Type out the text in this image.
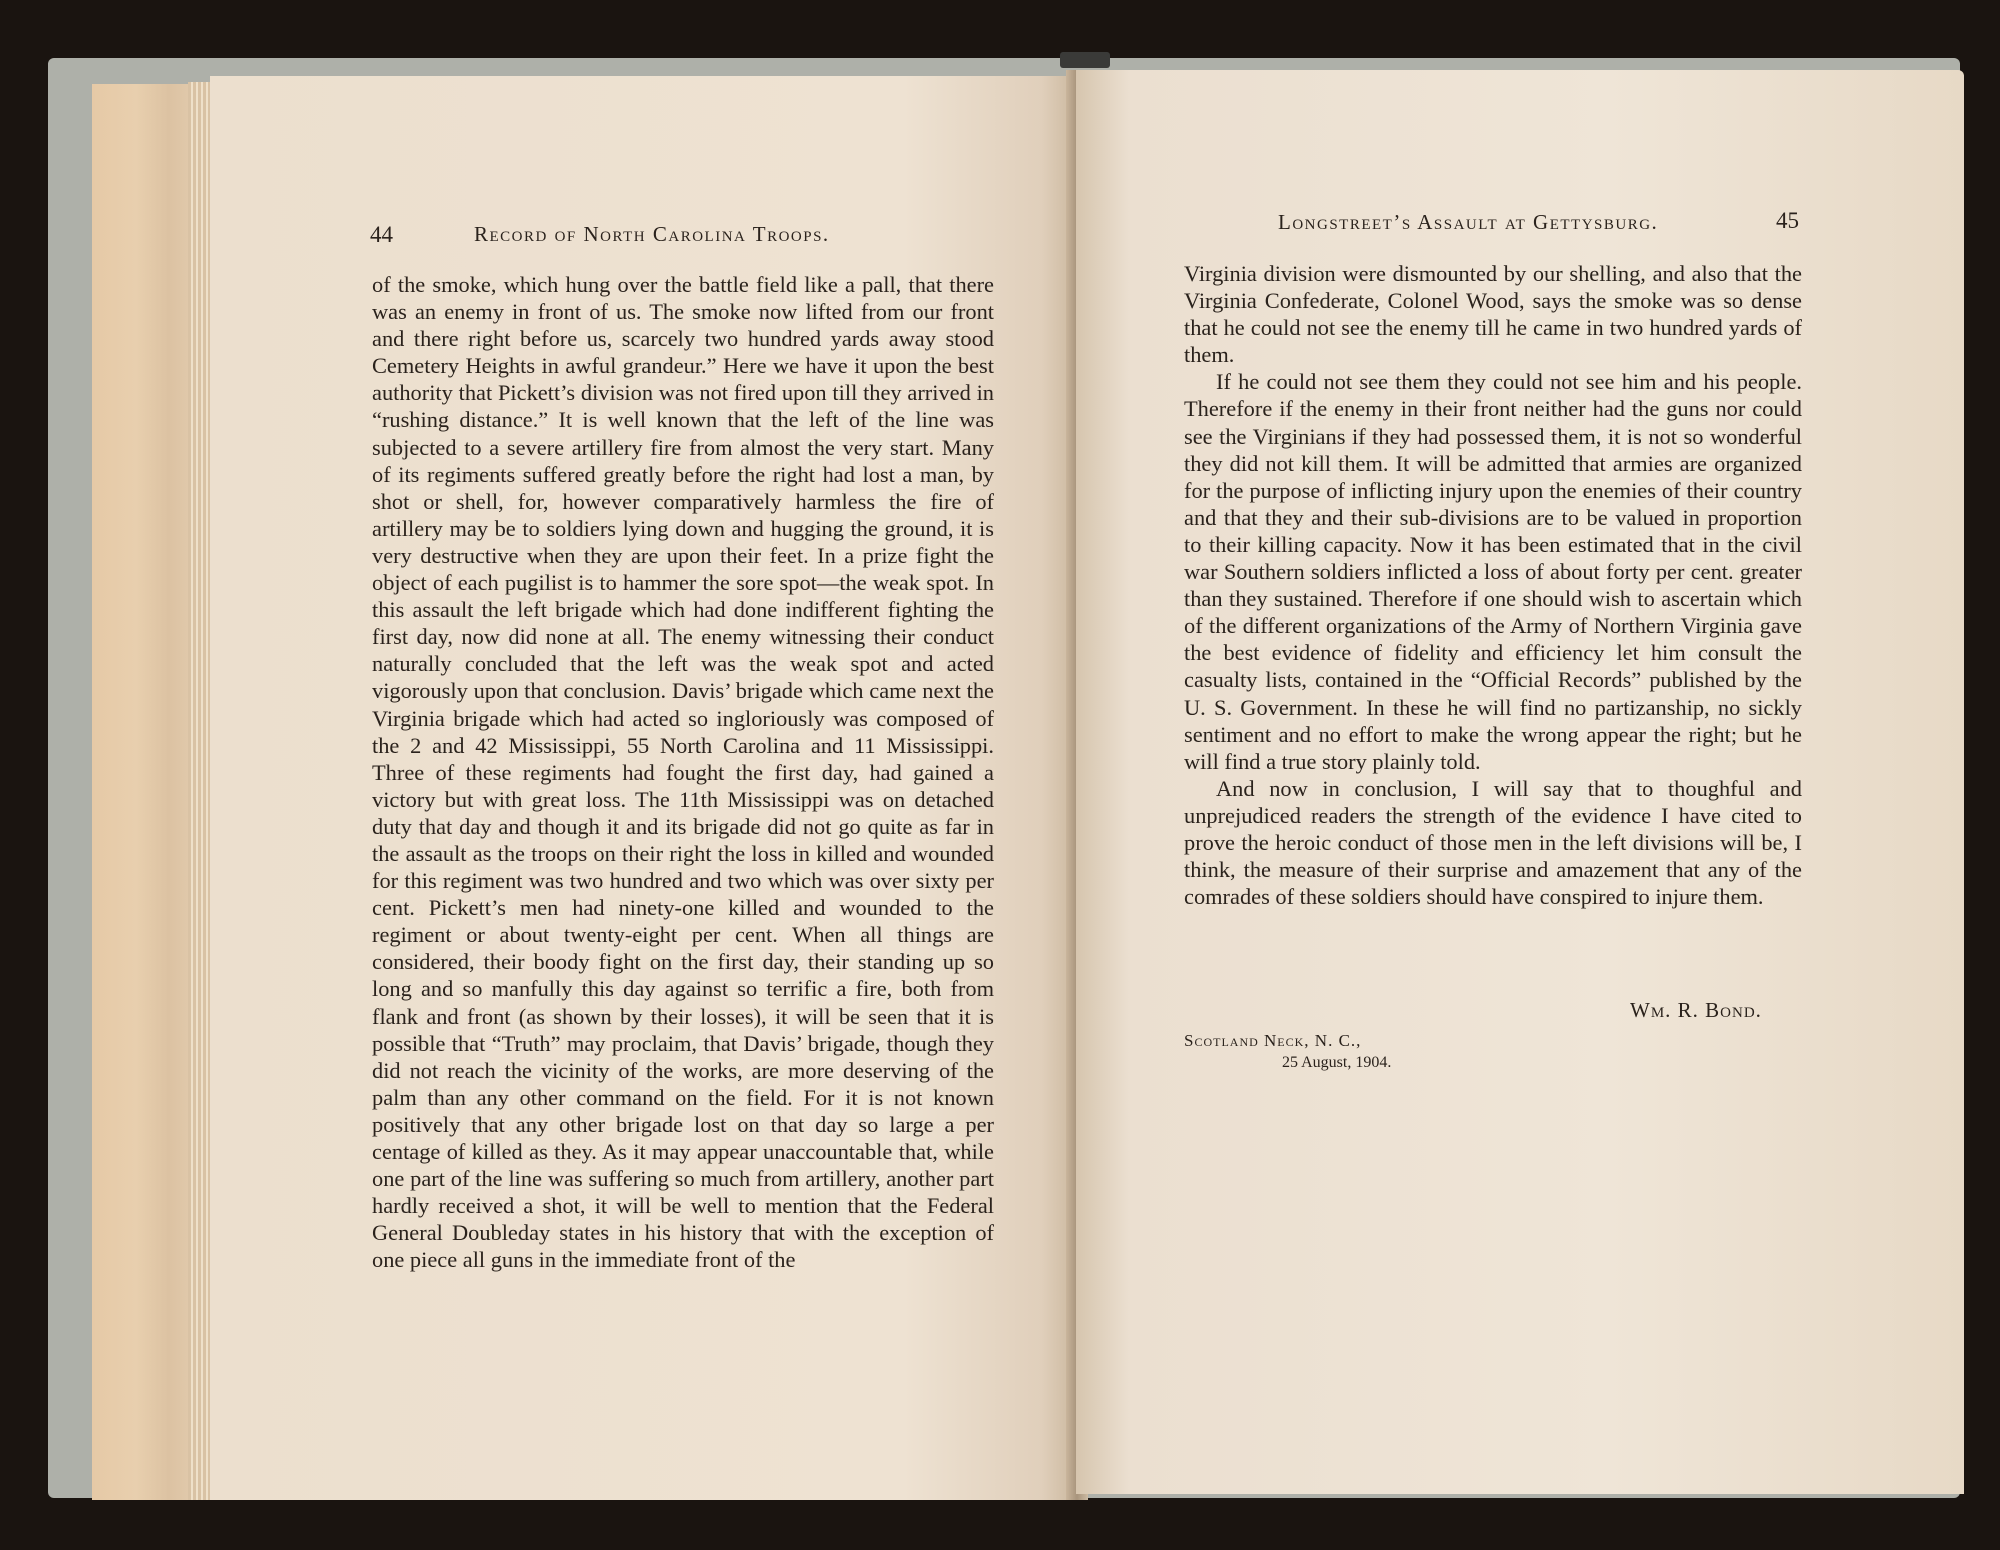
44	Record of North Carolina Troops.

of the smoke, which hung over the battle field like a pall, that there was an enemy in front of us. The smoke now lifted from our front and there right before us, scarcely two hundred yards away stood Cemetery Heights in awful grandeur.” Here we have it upon the best authority that Pickett’s division was not fired upon till they arrived in “rushing distance.” It is well known that the left of the line was subjected to a severe artillery fire from almost the very start. Many of its regiments suffered greatly before the right had lost a man, by shot or shell, for, however comparatively harmless the fire of artillery may be to soldiers lying down and hugging the ground, it is very destructive when they are upon their feet. In a prize fight the object of each pugilist is to hammer the sore spot—the weak spot. In this assault the left brigade which had done indifferent fighting the first day, now did none at all. The enemy witnessing their conduct naturally concluded that the left was the weak spot and acted vigorously upon that conclusion. Davis’ brigade which came next the Virginia brigade which had acted so ingloriously was composed of the 2 and 42 Mississippi, 55 North Carolina and 11 Mississippi. Three of these regiments had fought the first day, had gained a victory but with great loss. The 11th Mississippi was on detached duty that day and though it and its brigade did not go quite as far in the assault as the troops on their right the loss in killed and wounded for this regiment was two hundred and two which was over sixty per cent. Pickett’s men had ninety-one killed and wounded to the regiment or about twenty-eight per cent. When all things are considered, their boody fight on the first day, their standing up so long and so manfully this day against so terrific a fire, both from flank and front (as shown by their losses), it will be seen that it is possible that “Truth” may proclaim, that Davis’ brigade, though they did not reach the vicinity of the works, are more deserving of the palm than any other command on the field. For it is not known positively that any other brigade lost on that day so large a per centage of killed as they. As it may appear unaccountable that, while one part of the line was suffering so much from artillery, another part hardly received a shot, it will be well to mention that the Federal General Doubleday states in his history that with the exception of one piece all guns in the immediate front of the

Longstreet’s Assault at Gettysburg.	45

Virginia division were dismounted by our shelling, and also that the Virginia Confederate, Colonel Wood, says the smoke was so dense that he could not see the enemy till he came in two hundred yards of them.

If he could not see them they could not see him and his people. Therefore if the enemy in their front neither had the guns nor could see the Virginians if they had possessed them, it is not so wonderful they did not kill them. It will be admitted that armies are organized for the purpose of inflicting injury upon the enemies of their country and that they and their sub-divisions are to be valued in proportion to their killing capacity. Now it has been estimated that in the civil war Southern soldiers inflicted a loss of about forty per cent. greater than they sustained. Therefore if one should wish to ascertain which of the different organizations of the Army of Northern Virginia gave the best evidence of fidelity and efficiency let him consult the casualty lists, contained in the “Official Records” published by the U. S. Government. In these he will find no partizanship, no sickly sentiment and no effort to make the wrong appear the right; but he will find a true story plainly told.

And now in conclusion, I will say that to thoughful and unprejudiced readers the strength of the evidence I have cited to prove the heroic conduct of those men in the left divisions will be, I think, the measure of their surprise and amazement that any of the comrades of these soldiers should have conspired to injure them.

Wm. R. Bond.
Scotland Neck, N. C.,
25 August, 1904.
